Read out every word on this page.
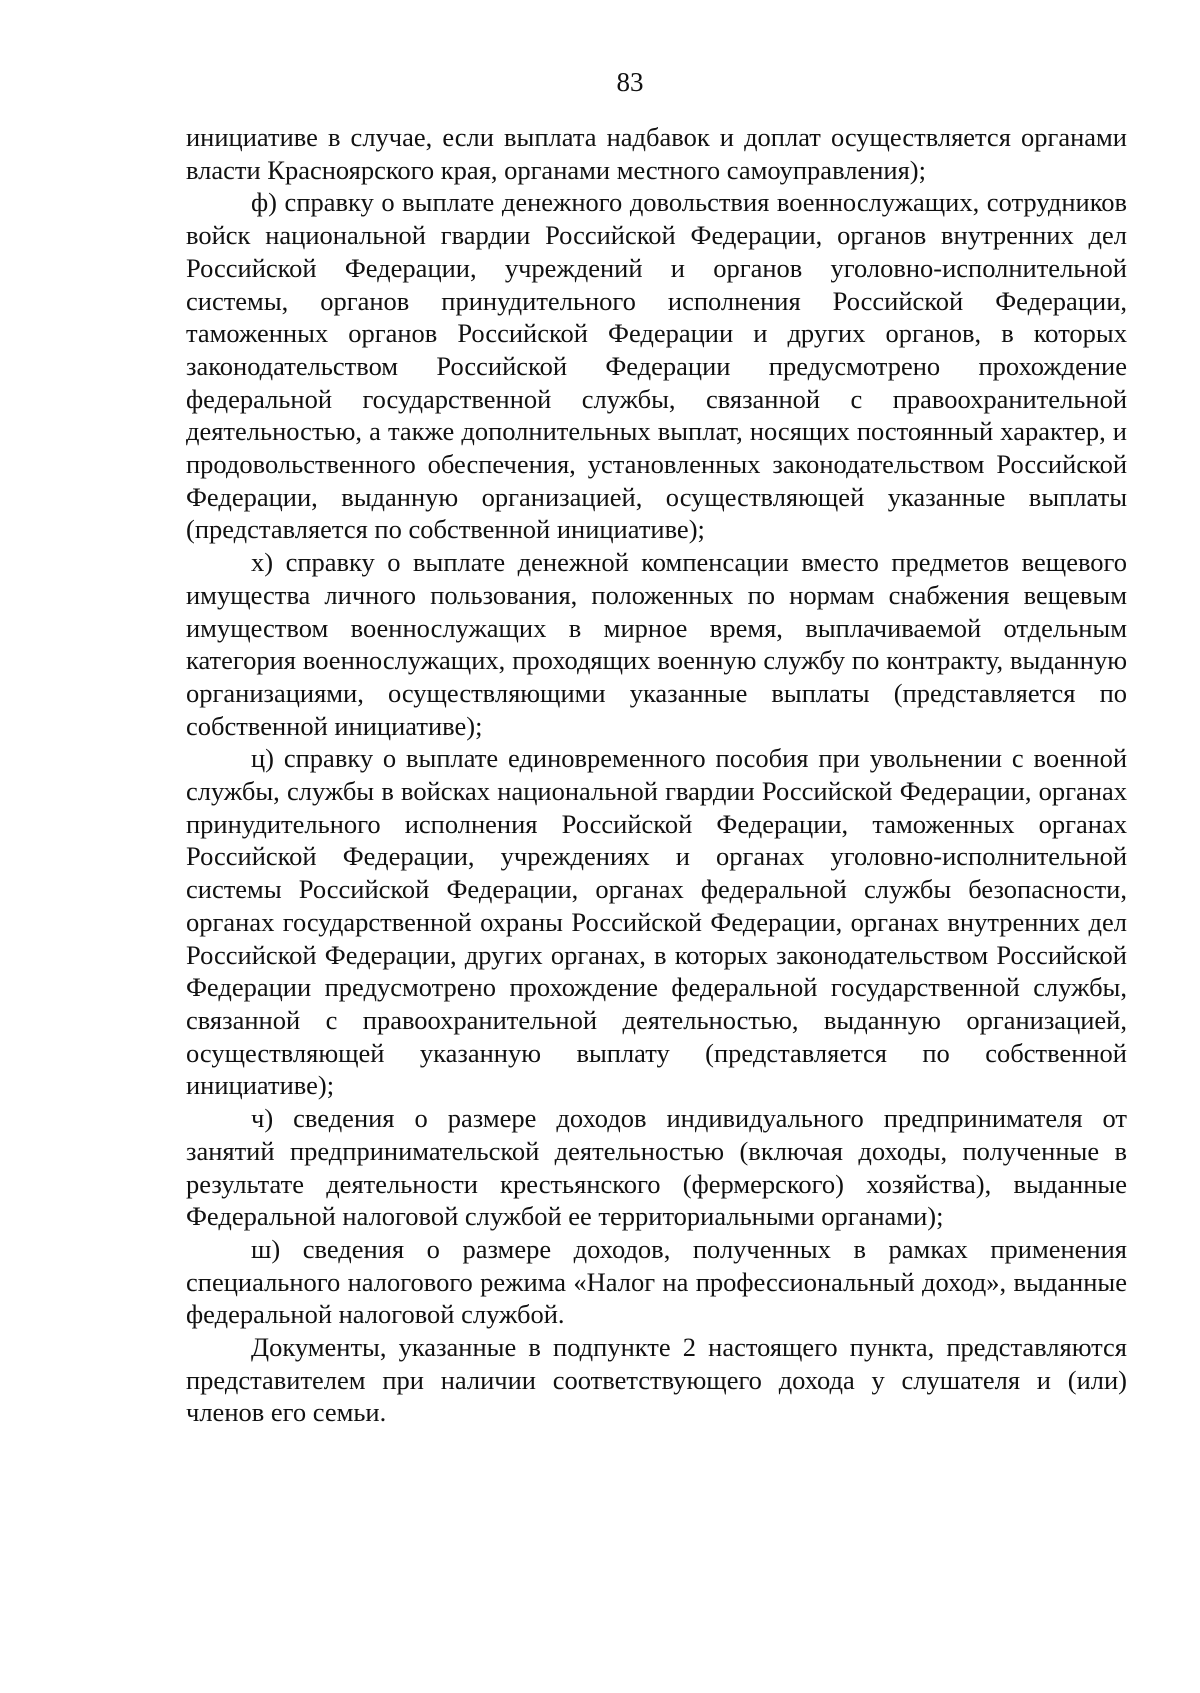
83

инициативе в случае, если выплата надбавок и доплат осуществляется органами власти Красноярского края, органами местного самоуправления);

ф) справку о выплате денежного довольствия военнослужащих, сотрудников войск национальной гвардии Российской Федерации, органов внутренних дел Российской Федерации, учреждений и органов уголовно-исполнительной системы, органов принудительного исполнения Российской Федерации, таможенных органов Российской Федерации и других органов, в которых законодательством Российской Федерации предусмотрено прохождение федеральной государственной службы, связанной с правоохранительной деятельностью, а также дополнительных выплат, носящих постоянный характер, и продовольственного обеспечения, установленных законодательством Российской Федерации, выданную организацией, осуществляющей указанные выплаты (представляется по собственной инициативе);

х) справку о выплате денежной компенсации вместо предметов вещевого имущества личного пользования, положенных по нормам снабжения вещевым имуществом военнослужащих в мирное время, выплачиваемой отдельным категория военнослужащих, проходящих военную службу по контракту, выданную организациями, осуществляющими указанные выплаты (представляется по собственной инициативе);

ц) справку о выплате единовременного пособия при увольнении с военной службы, службы в войсках национальной гвардии Российской Федерации, органах принудительного исполнения Российской Федерации, таможенных органах Российской Федерации, учреждениях и органах уголовно-исполнительной системы Российской Федерации, органах федеральной службы безопасности, органах государственной охраны Российской Федерации, органах внутренних дел Российской Федерации, других органах, в которых законодательством Российской Федерации предусмотрено прохождение федеральной государственной службы, связанной с правоохранительной деятельностью, выданную организацией, осуществляющей указанную выплату (представляется по собственной инициативе);

ч) сведения о размере доходов индивидуального предпринимателя от занятий предпринимательской деятельностью (включая доходы, полученные в результате деятельности крестьянского (фермерского) хозяйства), выданные Федеральной налоговой службой ее территориальными органами);

ш) сведения о размере доходов, полученных в рамках применения специального налогового режима «Налог на профессиональный доход», выданные федеральной налоговой службой.

Документы, указанные в подпункте 2 настоящего пункта, представляются представителем при наличии соответствующего дохода у слушателя и (или) членов его семьи.
